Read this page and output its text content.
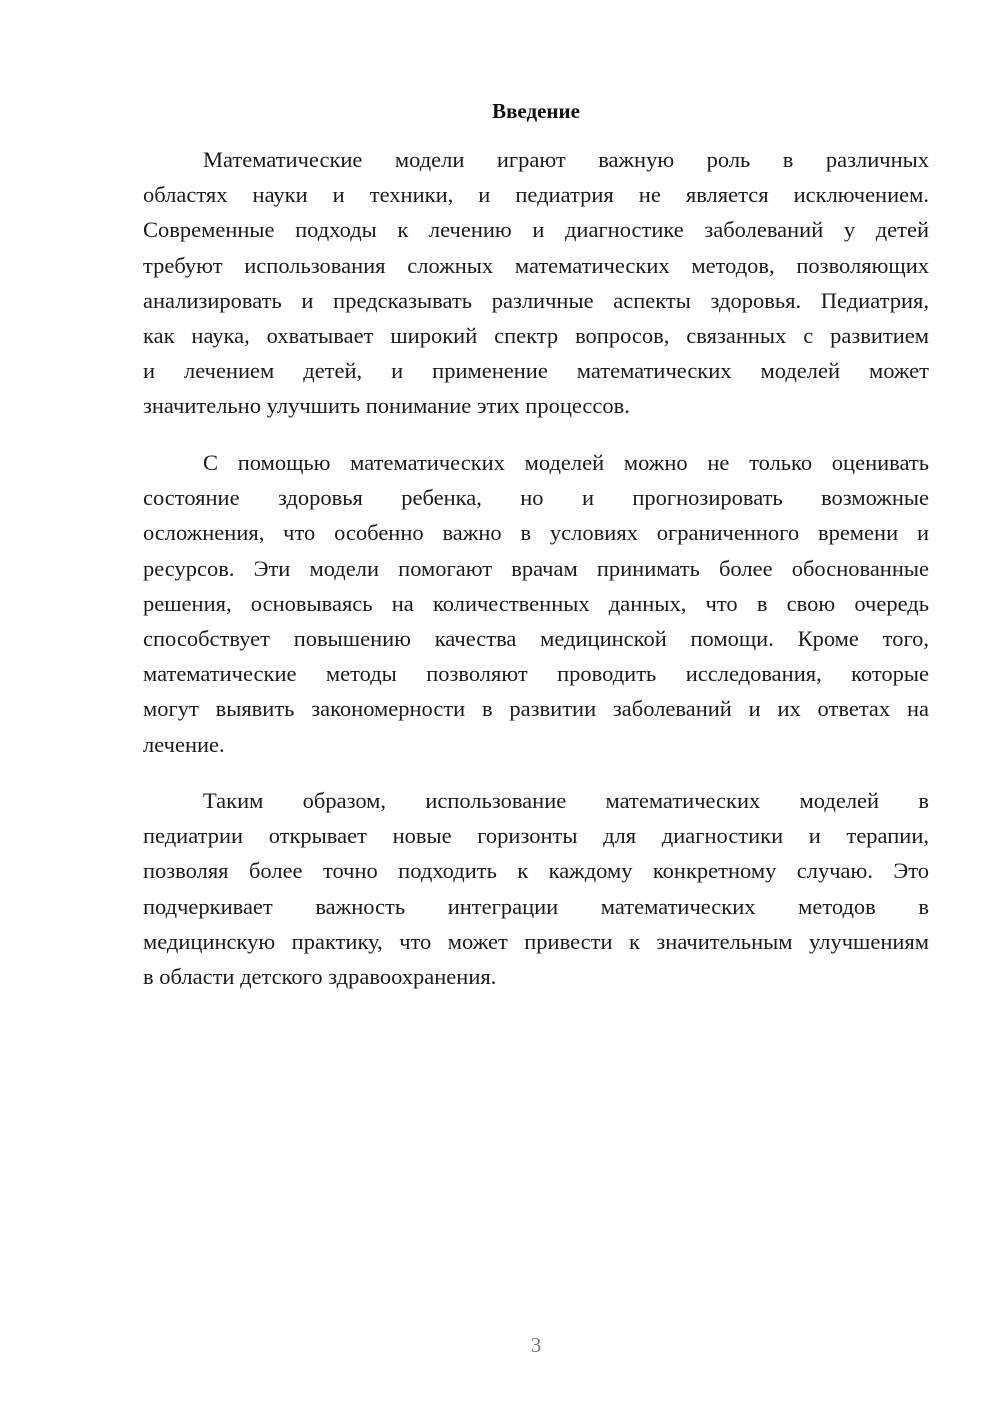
Введение
Математические модели играют важную роль в различных
областях науки и техники, и педиатрия не является исключением.
Современные подходы к лечению и диагностике заболеваний у детей
требуют использования сложных математических методов, позволяющих
анализировать и предсказывать различные аспекты здоровья. Педиатрия,
как наука, охватывает широкий спектр вопросов, связанных с развитием
и лечением детей, и применение математических моделей может
значительно улучшить понимание этих процессов.
С помощью математических моделей можно не только оценивать
состояние здоровья ребенка, но и прогнозировать возможные
осложнения, что особенно важно в условиях ограниченного времени и
ресурсов. Эти модели помогают врачам принимать более обоснованные
решения, основываясь на количественных данных, что в свою очередь
способствует повышению качества медицинской помощи. Кроме того,
математические методы позволяют проводить исследования, которые
могут выявить закономерности в развитии заболеваний и их ответах на
лечение.
Таким образом, использование математических моделей в
педиатрии открывает новые горизонты для диагностики и терапии,
позволяя более точно подходить к каждому конкретному случаю. Это
подчеркивает важность интеграции математических методов в
медицинскую практику, что может привести к значительным улучшениям
в области детского здравоохранения.
3
